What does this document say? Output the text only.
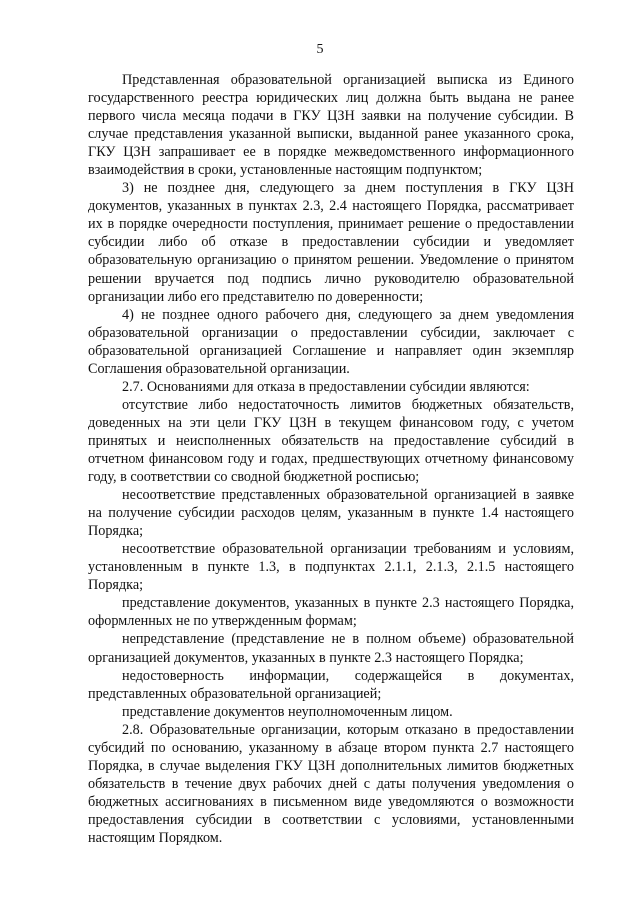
5

Представленная образовательной организацией выписка из Единого государственного реестра юридических лиц должна быть выдана не ранее первого числа месяца подачи в ГКУ ЦЗН заявки на получение субсидии. В случае представления указанной выписки, выданной ранее указанного срока, ГКУ ЦЗН запрашивает ее в порядке межведомственного информационного взаимодействия в сроки, установленные настоящим подпунктом;

3) не позднее дня, следующего за днем поступления в ГКУ ЦЗН документов, указанных в пунктах 2.3, 2.4 настоящего Порядка, рассматривает их в порядке очередности поступления, принимает решение о предоставлении субсидии либо об отказе в предоставлении субсидии и уведомляет образовательную организацию о принятом решении. Уведомление о принятом решении вручается под подпись лично руководителю образовательной организации либо его представителю по доверенности;

4) не позднее одного рабочего дня, следующего за днем уведомления образовательной организации о предоставлении субсидии, заключает с образовательной организацией Соглашение и направляет один экземпляр Соглашения образовательной организации.

2.7. Основаниями для отказа в предоставлении субсидии являются:

отсутствие либо недостаточность лимитов бюджетных обязательств, доведенных на эти цели ГКУ ЦЗН в текущем финансовом году, с учетом принятых и неисполненных обязательств на предоставление субсидий в отчетном финансовом году и годах, предшествующих отчетному финансовому году, в соответствии со сводной бюджетной росписью;

несоответствие представленных образовательной организацией в заявке на получение субсидии расходов целям, указанным в пункте 1.4 настоящего Порядка;

несоответствие образовательной организации требованиям и условиям, установленным в пункте 1.3, в подпунктах 2.1.1, 2.1.3, 2.1.5 настоящего Порядка;

представление документов, указанных в пункте 2.3 настоящего Порядка, оформленных не по утвержденным формам;

непредставление (представление не в полном объеме) образовательной организацией документов, указанных в пункте 2.3 настоящего Порядка;

недостоверность информации, содержащейся в документах, представленных образовательной организацией;

представление документов неуполномоченным лицом.

2.8. Образовательные организации, которым отказано в предоставлении субсидий по основанию, указанному в абзаце втором пункта 2.7 настоящего Порядка, в случае выделения ГКУ ЦЗН дополнительных лимитов бюджетных обязательств в течение двух рабочих дней с даты получения уведомления о бюджетных ассигнованиях в письменном виде уведомляются о возможности предоставления субсидии в соответствии с условиями, установленными настоящим Порядком.
